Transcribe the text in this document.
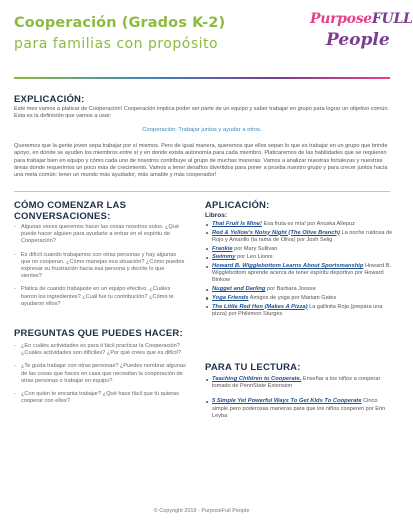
Cooperación (Grados K-2)
para familias con propósito
PurposeFULL
People
EXPLICACIÓN:
Este mes vamos a platicar de Cooperación! Cooperación implica poder ser parte de un equipo y saber trabajar en grupo para lograr un objetivo común. Esta es la definición que vamos a usar:
Cooperación: Trabajar juntos y ayudar a otros.
Queremos que la gente joven sepa trabajar por sí mismos. Pero de igual manera, queremos que ellos sepan lo que es trabajar en un grupo que brinde apoyo, en donde se ayuden los miembros entre sí y en donde exista autonomía para cada miembro. Platicaremos de las habilidades que se requieren para trabajar bien en equipo y cómo cada uno de nosotros contribuye al grupo de muchas maneras. Vamos a analizar nuestras fortalezas y nuestras áreas donde requerimos un poco más de crecimiento. Vamos a tener desafíos divertidos para poner a prueba nuestro grupo y para crecer juntos hacia una meta común: tener un mundo más ayudador, más amable y más cooperador!
CÓMO COMENZAR LAS CONVERSACIONES:
- Algunas veces queremos hacer las cosas nosotros solos. ¿Qué puede hacer alguien para ayudarte a entrar en el espíritu de Cooperación?
- Es difícil cuando trabajamos con otras personas y hay algunas que no cooperan. ¿Cómo manejas esa situación? ¿Cómo puedes expresar su frustración hacia esa persona y decirle lo que sientes?
- Platica de cuando trabajaste en un equipo efectivo. ¿Cuáles fueron los ingredientes? ¿Cuál fue tu contribución? ¿Cómo te ayudaron ellos?
PREGUNTAS QUE PUEDES HACER:
- ¿En cuáles actividades es para ti fácil practicar la Cooperación? ¿Cuáles actividades son difíciles? ¿Por qué crees que es difícil?
- ¿Te gusta trabajar con otras personas? ¿Puedes nombrar algunas de las cosas que haces en casa que necesitan la cooperación de otras personas o trabajar en equipo?
- ¿Con quién te encanta trabajar? ¿Qué hace fácil que tú quieras cooperar con ellos?
APLICACIÓN:
Libros:
That Fruit Is Mine! Esa fruta es mía! por Anuska Allepuz
Red & Yellow's Noisy Night (The Olive Branch) La noche ruidosa de Rojo y Amarillo (la rama de Oliva) por Josh Selig
Frankie por Mary Sullivan
Swimmy por Leo Lionni
Howard B. Wigglebottom Learns About Sportsmanship Howard B. Wigglebottom aprende acerca de tener espíritu deportivo por Howard Binkow
Nugget and Darling por Barbara Joosse
Yoga Friends Amigos de yoga por Mariam Gates
The Little Red Hen (Makes A Pizza) La gallinita Roja (prepara una pizza) por Philemon Sturges
PARA TU LECTURA:
Teaching Children to Cooperate. Enseñar a los niños a cooperar tomado de PennState Extension
5 Simple Yet Powerful Ways To Get Kids To Cooperate Cinco simple pero poderosas maneras para que los niños cooperen por Erin Leyba
© Copyright 2019 - PurposeFull People
